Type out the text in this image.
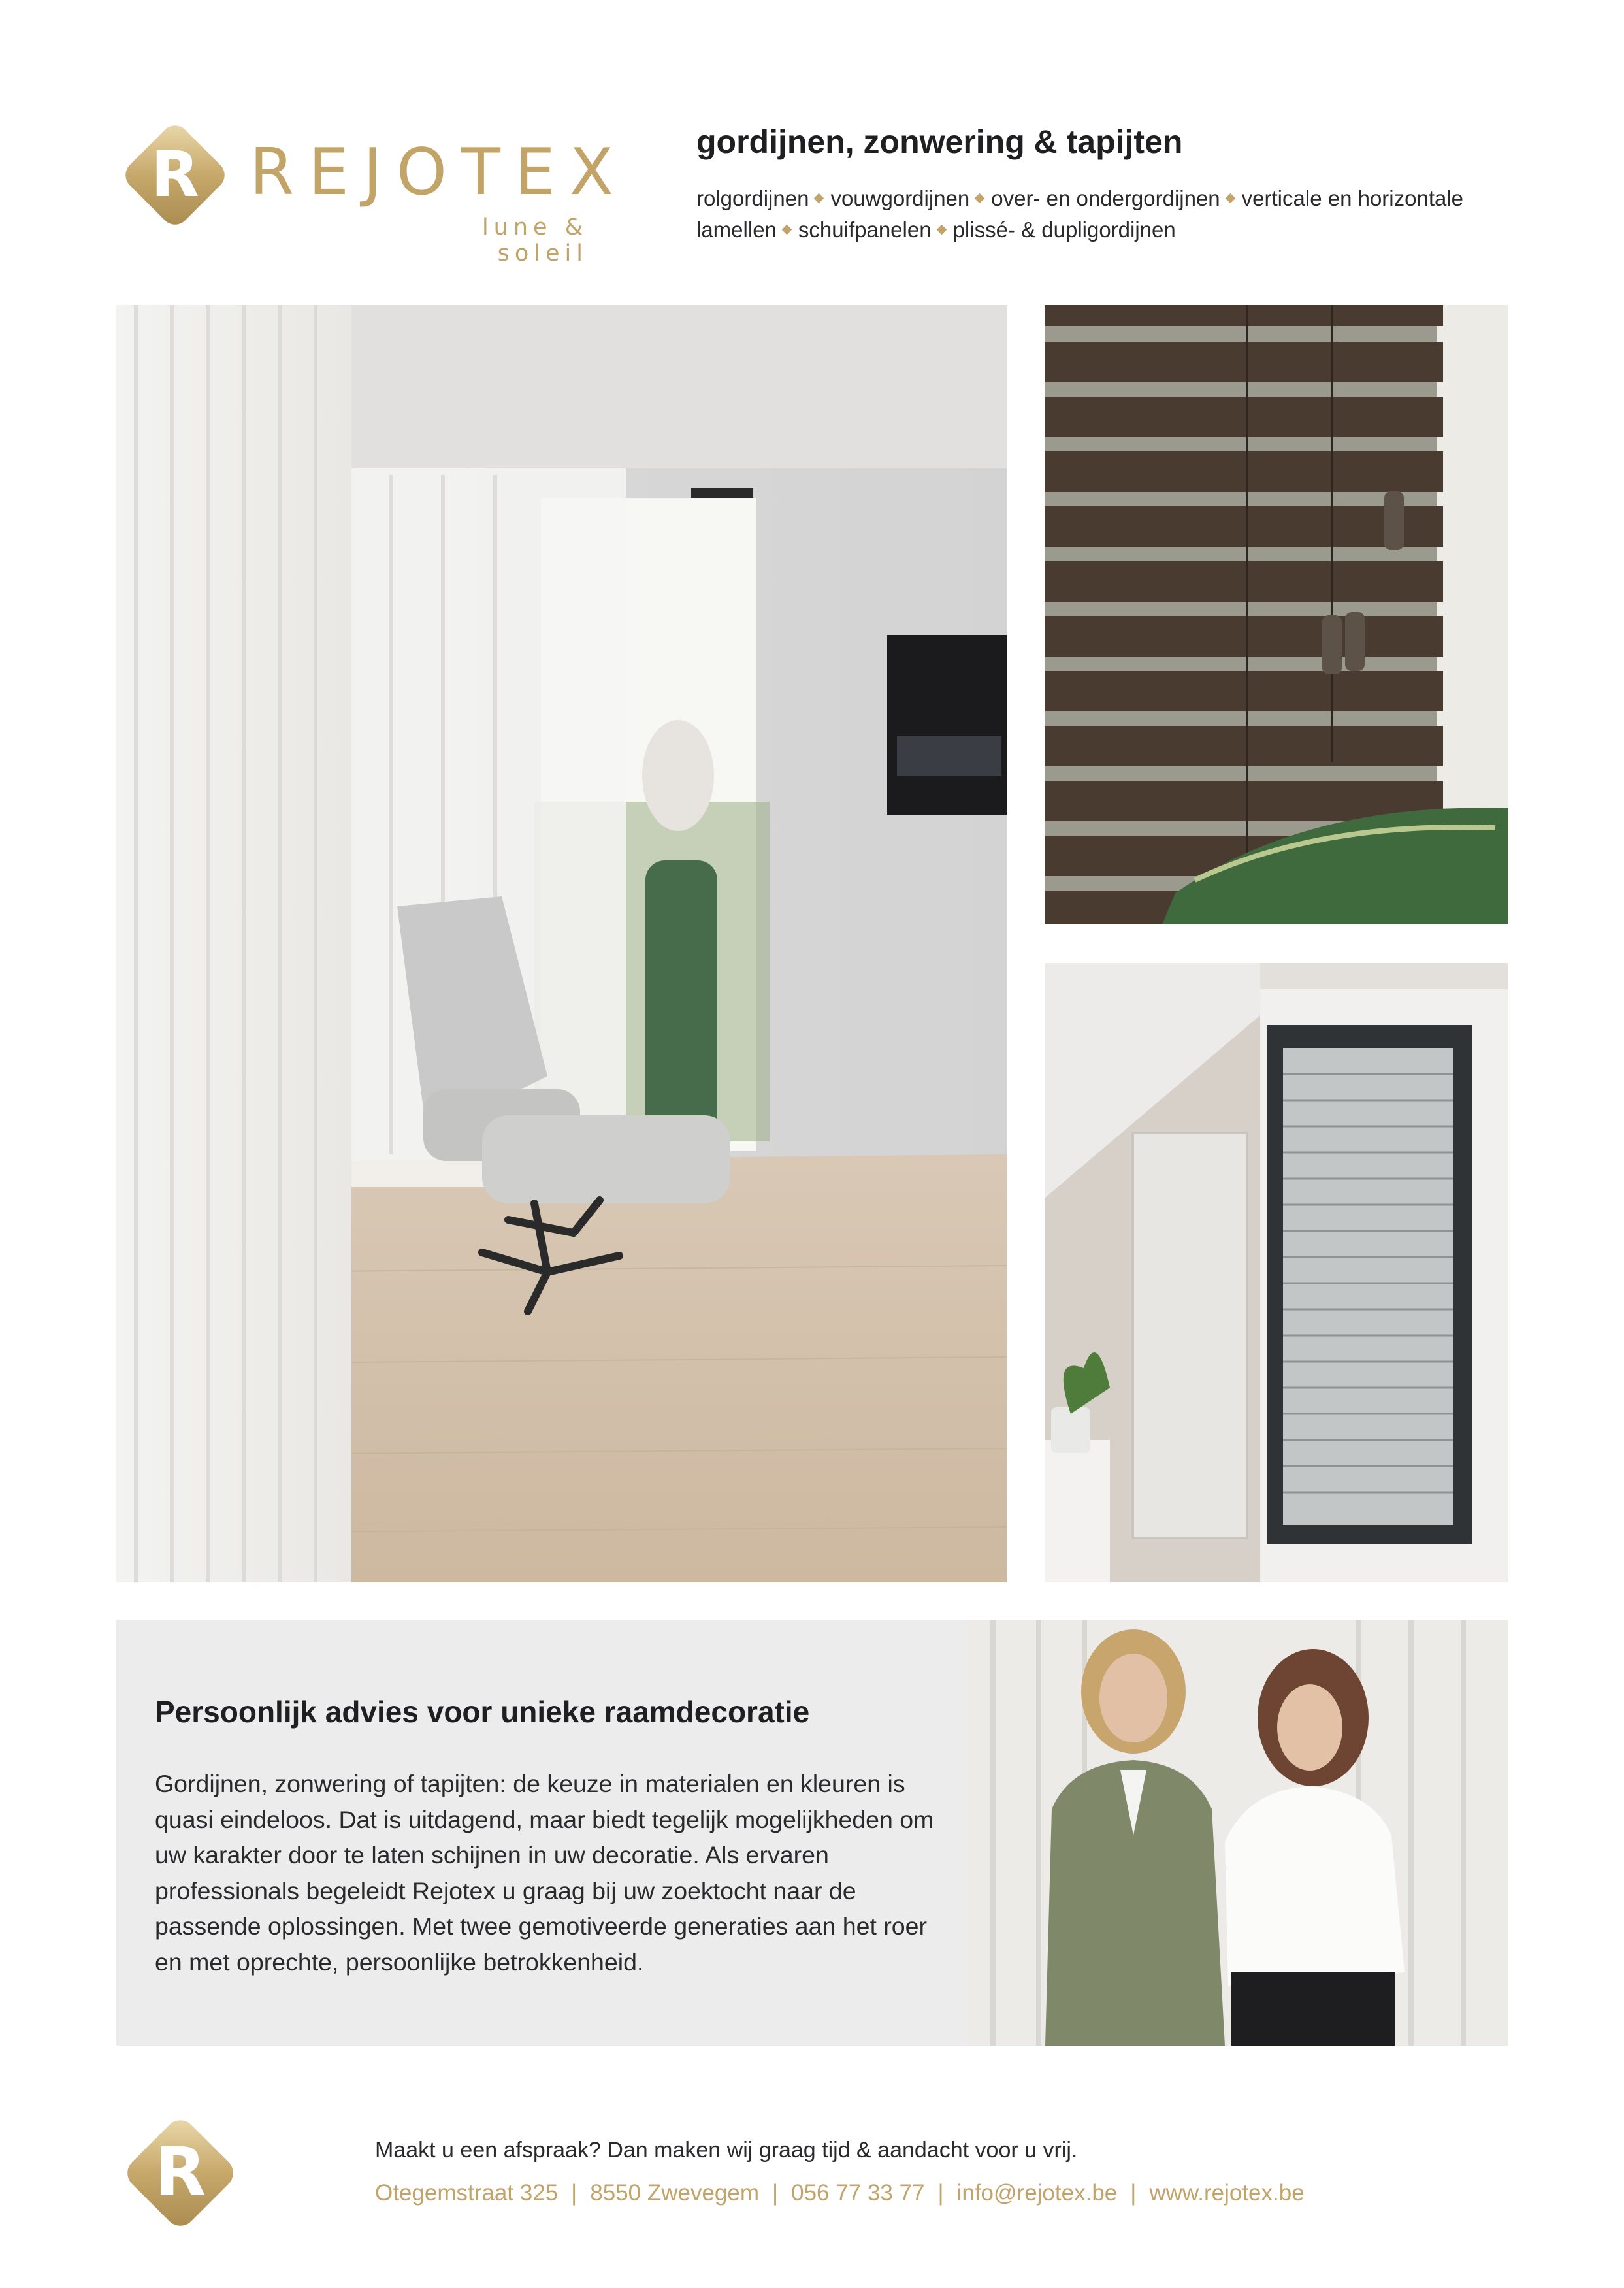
R REJOTEX
lune & soleil
gordijnen, zonwering & tapijten
rolgordijnen vouwgordijnen over- en ondergordijnen verticale en horizontale lamellen schuifpanelen plissé- & dupligordijnen
Persoonlijk advies voor unieke raamdecoratie
Gordijnen, zonwering of tapijten: de keuze in materialen en kleuren is quasi eindeloos. Dat is uitdagend, maar biedt tegelijk mogelijkheden om uw karakter door te laten schijnen in uw decoratie. Als ervaren professionals begeleidt Rejotex u graag bij uw zoektocht naar de passende oplossingen. Met twee gemotiveerde generaties aan het roer en met oprechte, persoonlijke betrokkenheid.
R	Maakt u een afspraak? Dan maken wij graag tijd & aandacht voor u vrij.
Otegemstraat 325 | 8550 Zwevegem | 056 77 33 77 | info@rejotex.be | www.rejotex.be
